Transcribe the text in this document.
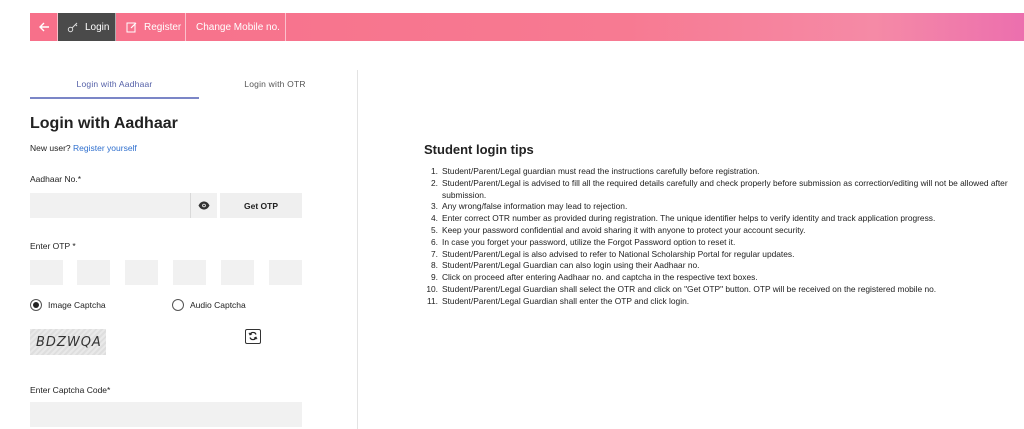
Login	Register Change Mobile no.
Login with Aadhaar	Login with OTR
Login with Aadhaar
New user? Register yourself
Aadhaar No.*
Get OTP
Enter OTP *
Image Captcha	Audio Captcha
BDZWQA
Enter Captcha Code*
Student login tips
1. Student/Parent/Legal guardian must read the instructions carefully before registration.
2. Student/Parent/Legal is advised to fill all the required details carefully and check properly before submission as correction/editing will not be allowed after submission.
3. Any wrong/false information may lead to rejection.
4. Enter correct OTR number as provided during registration. The unique identifier helps to verify identity and track application progress.
5. Keep your password confidential and avoid sharing it with anyone to protect your account security.
6. In case you forget your password, utilize the Forgot Password option to reset it.
7. Student/Parent/Legal is also advised to refer to National Scholarship Portal for regular updates.
8. Student/Parent/Legal Guardian can also login using their Aadhaar no.
9. Click on proceed after entering Aadhaar no. and captcha in the respective text boxes.
10. Student/Parent/Legal Guardian shall select the OTR and click on "Get OTP" button. OTP will be received on the registered mobile no.
11. Student/Parent/Legal Guardian shall enter the OTP and click login.
